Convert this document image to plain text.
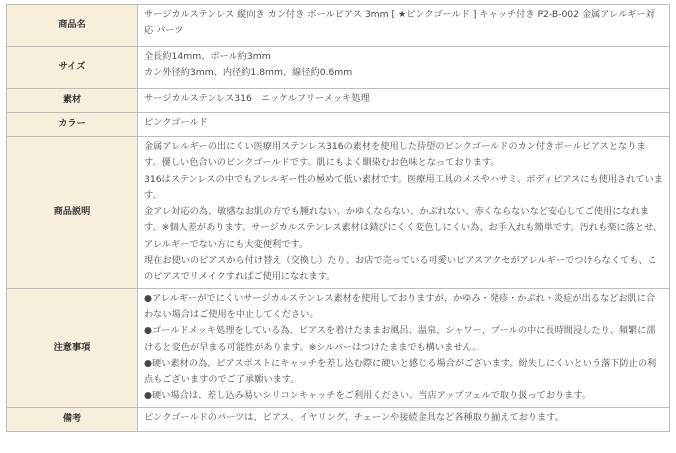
商品名	サージカルステンレス 縦向き カン付き ボールピアス 3mm [ ★ピンクゴールド ] キャッチ付き P2-B-002 金属アレルギー対応 パーツ

サイズ	全長約14mm、ボール約3mm
カン外径約3mm、内径約1.8mm、線径約0.6mm

素材	サージカルステンレス316　ニッケルフリーメッキ処理

カラー	ピンクゴールド

商品説明	金属アレルギーの出にくい医療用ステンレス316の素材を使用した待望のピンクゴールドのカン付きボールピアスとなります。優しい色合いのピンクゴールドです。肌にもよく馴染むお色味となっております。
316はステンレスの中でもアレルギー性の極めて低い素材です。医療用工具のメスやハサミ、ボディピアスにも使用されています。
金アレ対応の為、敏感なお肌の方でも腫れない、かゆくならない、かぶれない、赤くならないなど安心してご使用になれます。※個人差があります。サージカルステンレス素材は錆びにくく変色しにくい為、お手入れも簡単です。汚れも楽に落とせ、アレルギーでない方にも大変便利です。
現在お使いのピアスから付け替え（交換し）たり、お店で売っている可愛いピアスアクセがアレルギーでつけらなくても、このピアスでリメイクすればご使用になれます。

注意事項	●アレルギーがでにくいサージカルステンレス素材を使用しておりますが、かゆみ・発疹・かぶれ・炎症が出るなどお肌に合わない場合はご使用を中止してください。
●ゴールドメッキ処理をしている為、ピアスを着けたままお風呂、温泉、シャワー、プールの中に長時間浸したり、頻繁に濡けると変色が早まる可能性があります。※シルバーはつけたままでも構いません。
●硬い素材の為、ピアスポストにキャッチを差し込む際に硬いと感じる場合がございます。紛失しにくいという落下防止の利点もございますのでご了承願います。
●硬い場合は、差し込み易いシリコンキャッチをご利用ください。当店アップフェルで取り扱っております。

備考	ピンクゴールドのパーツは、ピアス、イヤリング、チェーンや接続金具など各種取り揃えております。
